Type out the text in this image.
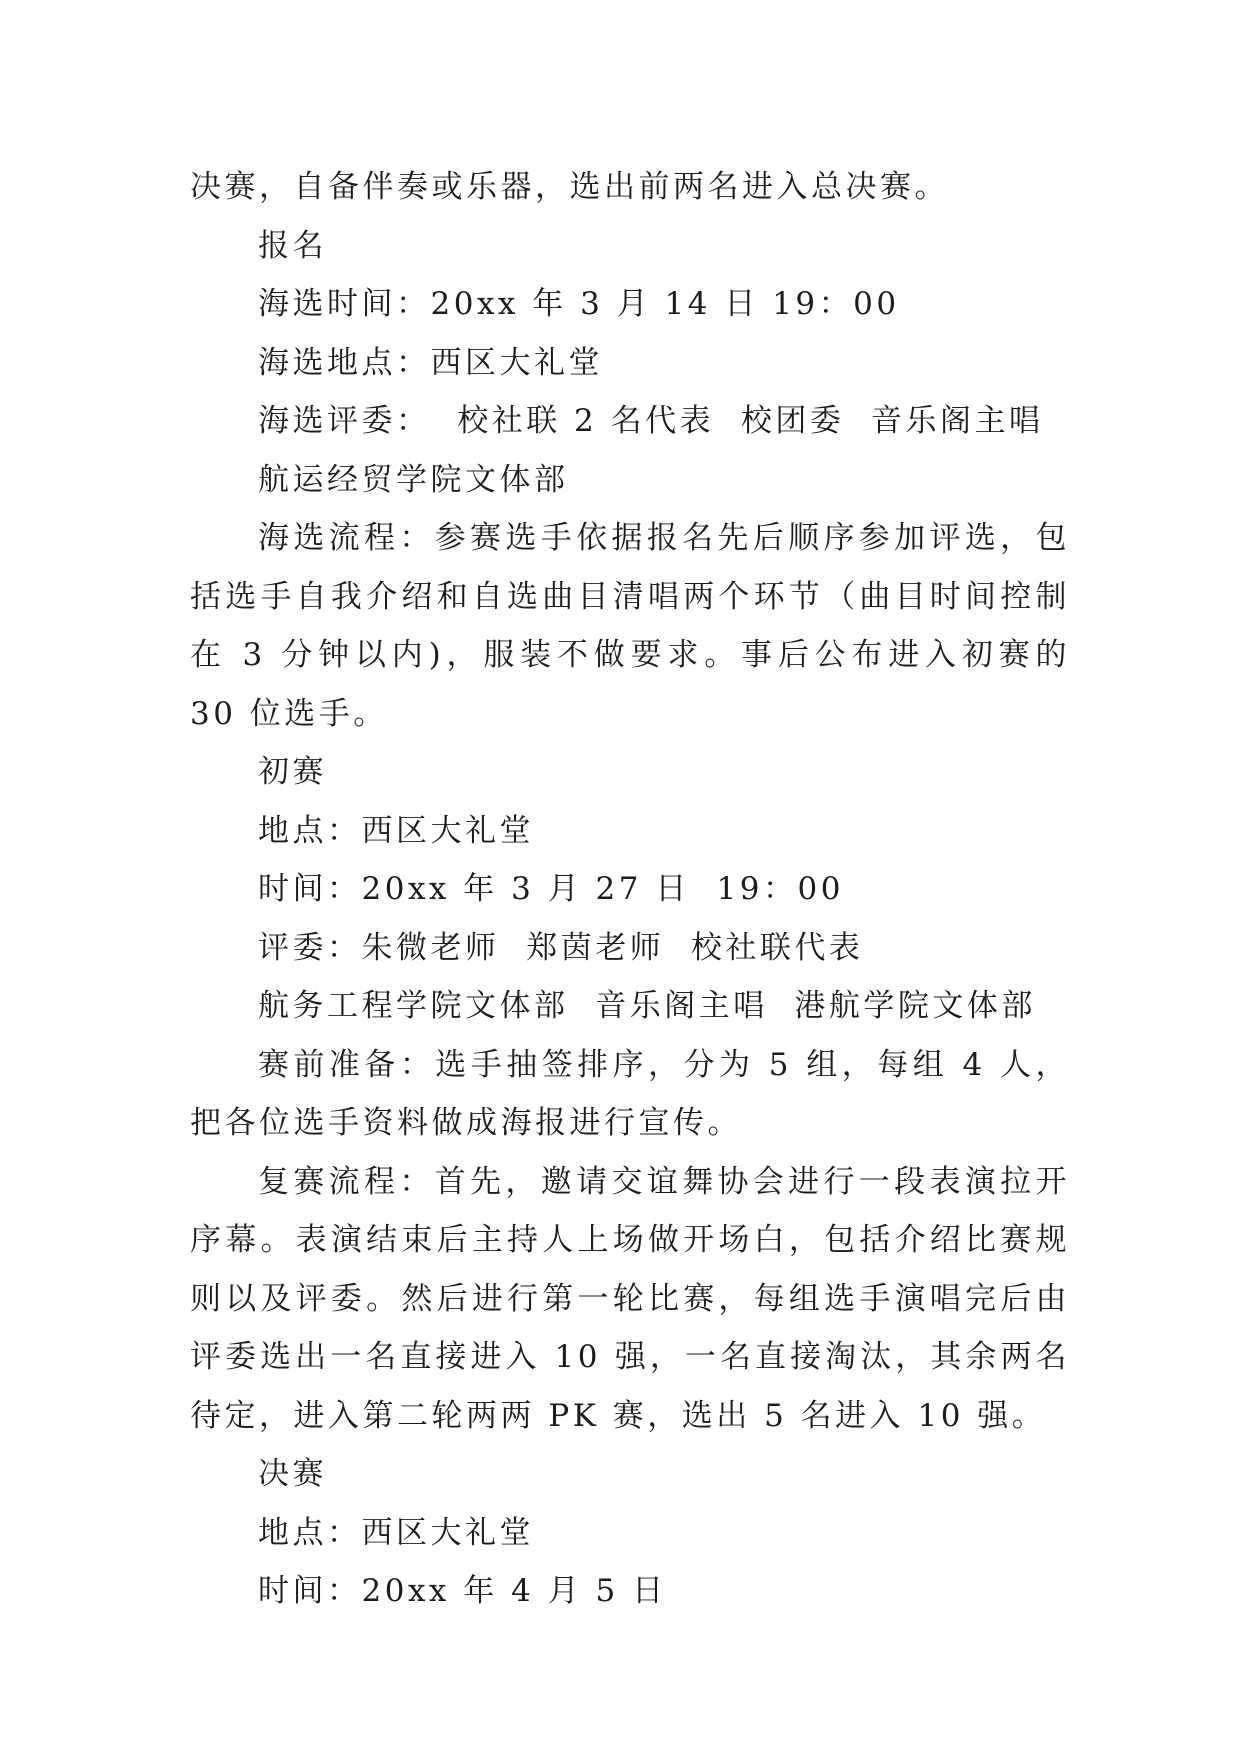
决赛，自备伴奏或乐器，选出前两名进入总决赛。

报名

海选时间：20xx 年 3 月 14 日 19：00

海选地点：西区大礼堂

海选评委：  校社联 2 名代表  校团委  音乐阁主唱

航运经贸学院文体部

海选流程：参赛选手依据报名先后顺序参加评选，包括选手自我介绍和自选曲目清唱两个环节（曲目时间控制在 3 分钟以内)，服装不做要求。事后公布进入初赛的 30 位选手。

初赛

地点：西区大礼堂

时间：20xx 年 3 月 27 日  19：00

评委：朱微老师  郑茵老师  校社联代表

航务工程学院文体部  音乐阁主唱  港航学院文体部

赛前准备：选手抽签排序，分为 5 组，每组 4 人，把各位选手资料做成海报进行宣传。

复赛流程：首先，邀请交谊舞协会进行一段表演拉开序幕。表演结束后主持人上场做开场白，包括介绍比赛规则以及评委。然后进行第一轮比赛，每组选手演唱完后由评委选出一名直接进入 10 强，一名直接淘汰，其余两名待定，进入第二轮两两 PK 赛，选出 5 名进入 10 强。

决赛

地点：西区大礼堂

时间：20xx 年 4 月 5 日
